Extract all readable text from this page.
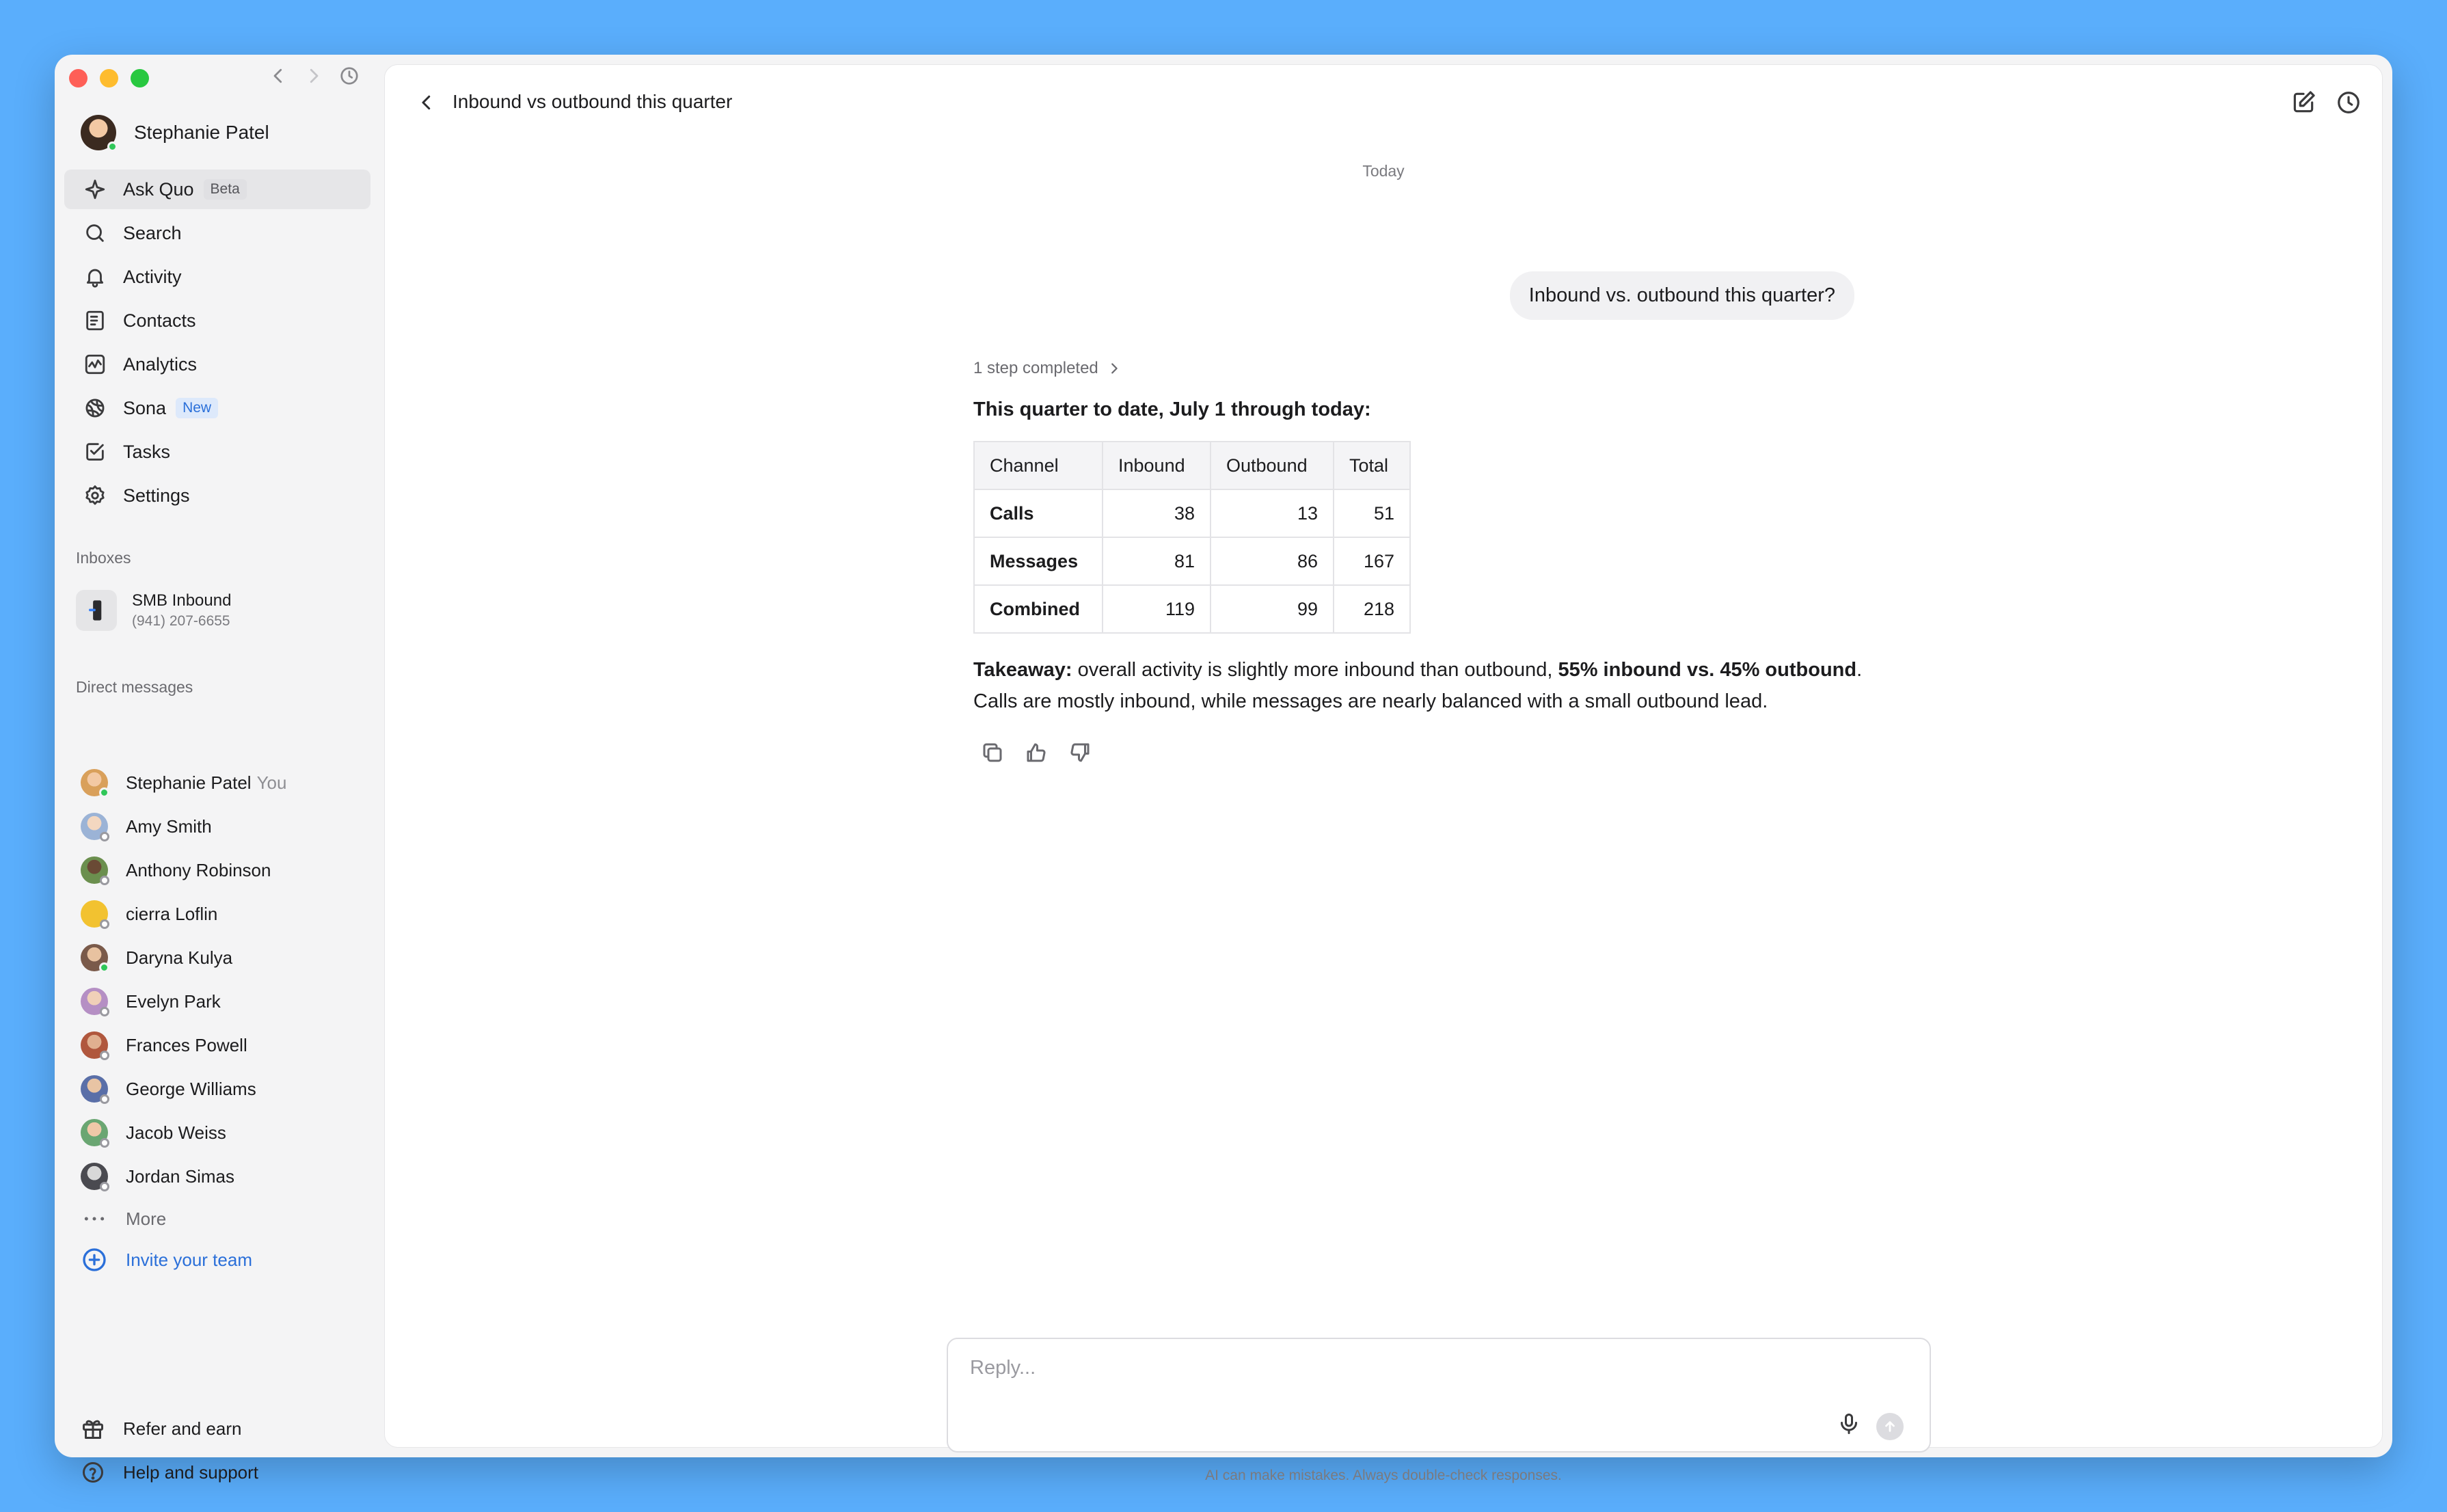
Stephanie Patel
Ask Quo	Beta
Search
Activity
Contacts
Analytics
Sona	New
Tasks
Settings
Inboxes
SMB Inbound
(941) 207-6655
Direct messages
Stephanie Patel You
Amy Smith
Anthony Robinson
cierra Loflin
Daryna Kulya
Evelyn Park
Frances Powell
George Williams
Jacob Weiss
Jordan Simas
More
Invite your team
Refer and earn
Help and support
Inbound vs outbound this quarter
Today
Inbound vs. outbound this quarter?
1 step completed
This quarter to date, July 1 through today:
Channel	Inbound	Outbound	Total
Calls	38	13	51
Messages	81	86	167
Combined	119	99	218

Takeaway: overall activity is slightly more inbound than outbound, 55% inbound vs. 45% outbound. Calls are mostly inbound, while messages are nearly balanced with a small outbound lead.

Reply...
AI can make mistakes. Always double-check responses.
